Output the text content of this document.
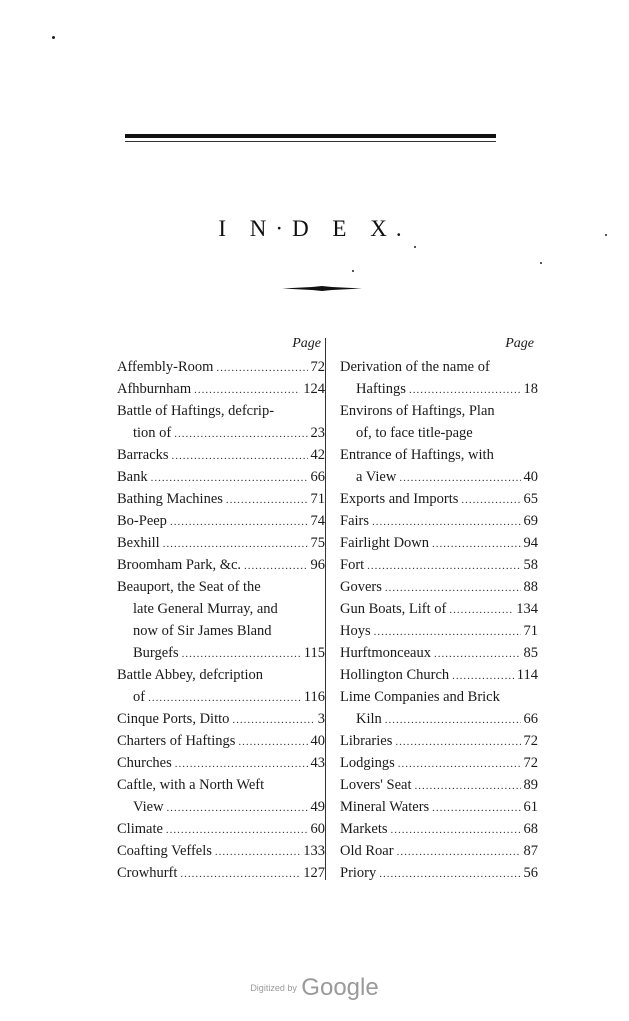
I N·D E X.
Page
Affembly-Room .....	72
Afhburnham .....	124
Battle of Haftings, defcrip-
tion of .....	23
Barracks .....	42
Bank .....	66
Bathing Machines .....	71
Bo-Peep .....	74
Bexhill .....	75
Broomham Park, &c. .....	96
Beauport, the Seat of the
late General Murray, and
now of Sir James Bland
Burgefs .....	115
Battle Abbey, defcription
of .....	116
Cinque Ports, Ditto .....	3
Charters of Haftings .....	40
Churches .....	43
Caftle, with a North Weft
View .....	49
Climate .....	60
Coafting Veffels .....	133
Crowhurft .....	127
Page
Derivation of the name of
Haftings .....	18
Environs of Haftings, Plan
of, to face title-page
Entrance of Haftings, with
a View .....	40
Exports and Imports .....	65
Fairs .....	69
Fairlight Down .....	94
Fort .....	58
Govers .....	88
Gun Boats, Lift of .....	134
Hoys .....	71
Hurftmonceaux .....	85
Hollington Church .....	114
Lime Companies and Brick
Kiln .....	66
Libraries .....	72
Lodgings .....	72
Lovers' Seat .....	89
Mineral Waters .....	61
Markets .....	68
Old Roar .....	87
Priory .....	56
Digitized by Google
